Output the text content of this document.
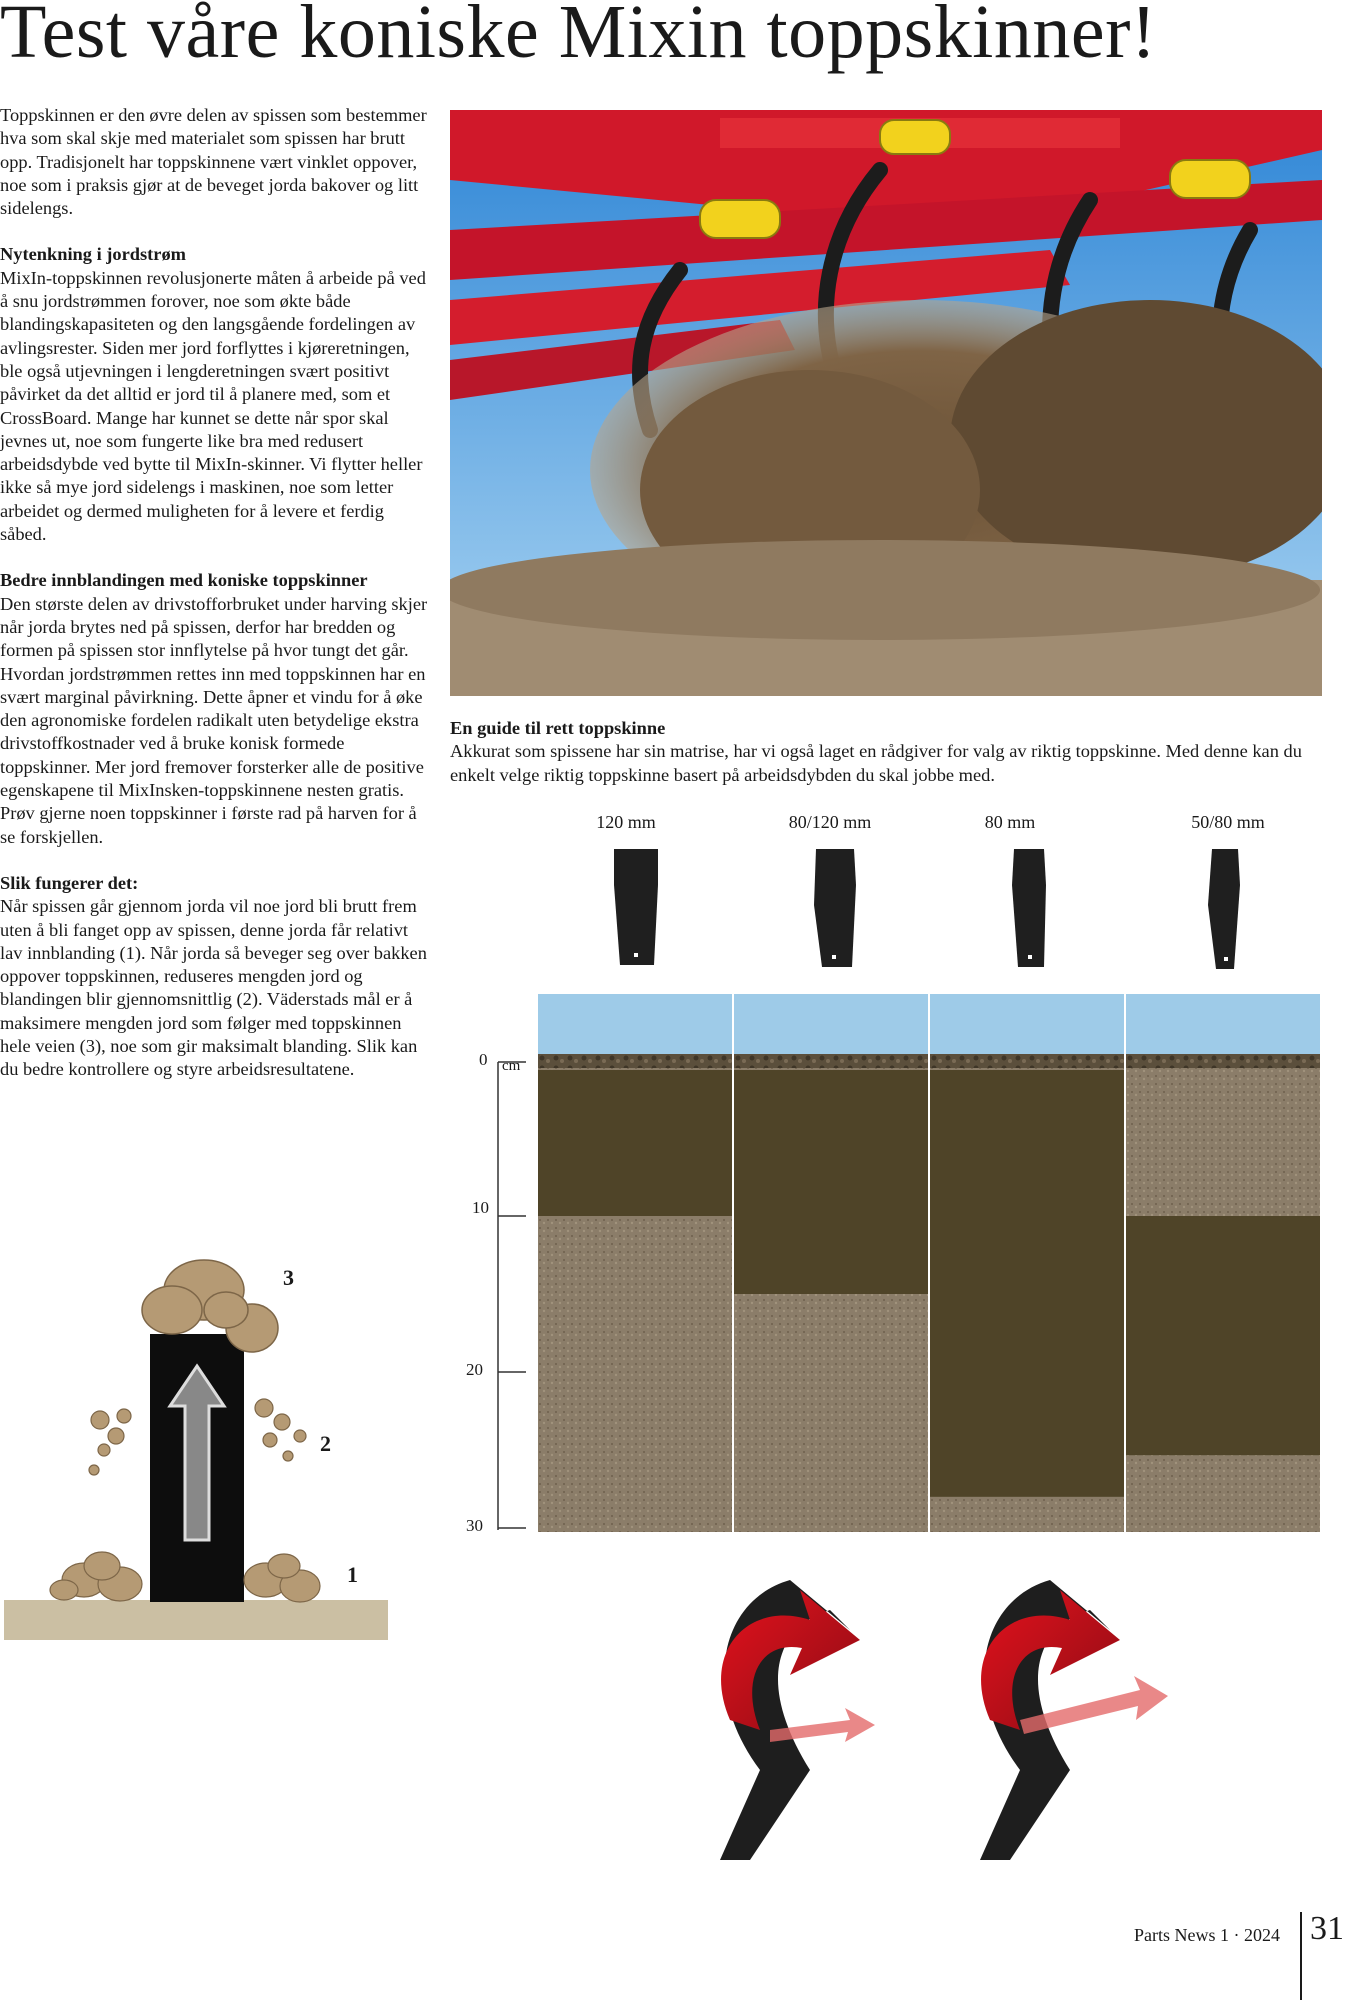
Test våre koniske Mixin toppskinner!

Toppskinnen er den øvre delen av spissen som bestemmer hva som skal skje med materialet som spissen har brutt opp. Tradisjonelt har toppskinnene vært vinklet oppover, noe som i praksis gjør at de beveget jorda bakover og litt sidelengs.

Nytenkning i jordstrøm

MixIn-toppskinnen revolusjonerte måten å arbeide på ved å snu jordstrømmen forover, noe som økte både blandingskapasiteten og den langsgående fordelingen av avlingsrester. Siden mer jord forflyttes i kjøreretningen, ble også utjevningen i lengderetningen svært positivt påvirket da det alltid er jord til å planere med, som et CrossBoard. Mange har kunnet se dette når spor skal jevnes ut, noe som fungerte like bra med redusert arbeidsdybde ved bytte til MixIn-skinner. Vi flytter heller ikke så mye jord sidelengs i maskinen, noe som letter arbeidet og dermed muligheten for å levere et ferdig såbed.

Bedre innblandingen med koniske toppskinner

Den største delen av drivstofforbruket under harving skjer når jorda brytes ned på spissen, derfor har bredden og formen på spissen stor innflytelse på hvor tungt det går. Hvordan jordstrømmen rettes inn med toppskinnen har en svært marginal påvirkning. Dette åpner et vindu for å øke den agronomiske fordelen radikalt uten betydelige ekstra drivstoffkostnader ved å bruke konisk formede toppskinner. Mer jord fremover forsterker alle de positive egenskapene til MixInsken-toppskinnene nesten gratis. Prøv gjerne noen toppskinner i første rad på harven for å se forskjellen.

Slik fungerer det:

Når spissen går gjennom jorda vil noe jord bli brutt frem uten å bli fanget opp av spissen, denne jorda får relativt lav innblanding (1). Når jorda så beveger seg over bakken oppover toppskinnen, reduseres mengden jord og blandingen blir gjennomsnittlig (2). Väderstads mål er å maksimere mengden jord som følger med toppskinnen hele veien (3), noe som gir maksimalt blanding. Slik kan du bedre kontrollere og styre arbeidsresultatene.

En guide til rett toppskinne

Akkurat som spissene har sin matrise, har vi også laget en rådgiver for valg av riktig toppskinne. Med denne kan du enkelt velge riktig toppskinne basert på arbeidsdybden du skal jobbe med.

120 mm	80/120 mm	80 mm	50/80 mm
0 cm
10
20
30
3
2
1
Parts News 1 · 2024 31
